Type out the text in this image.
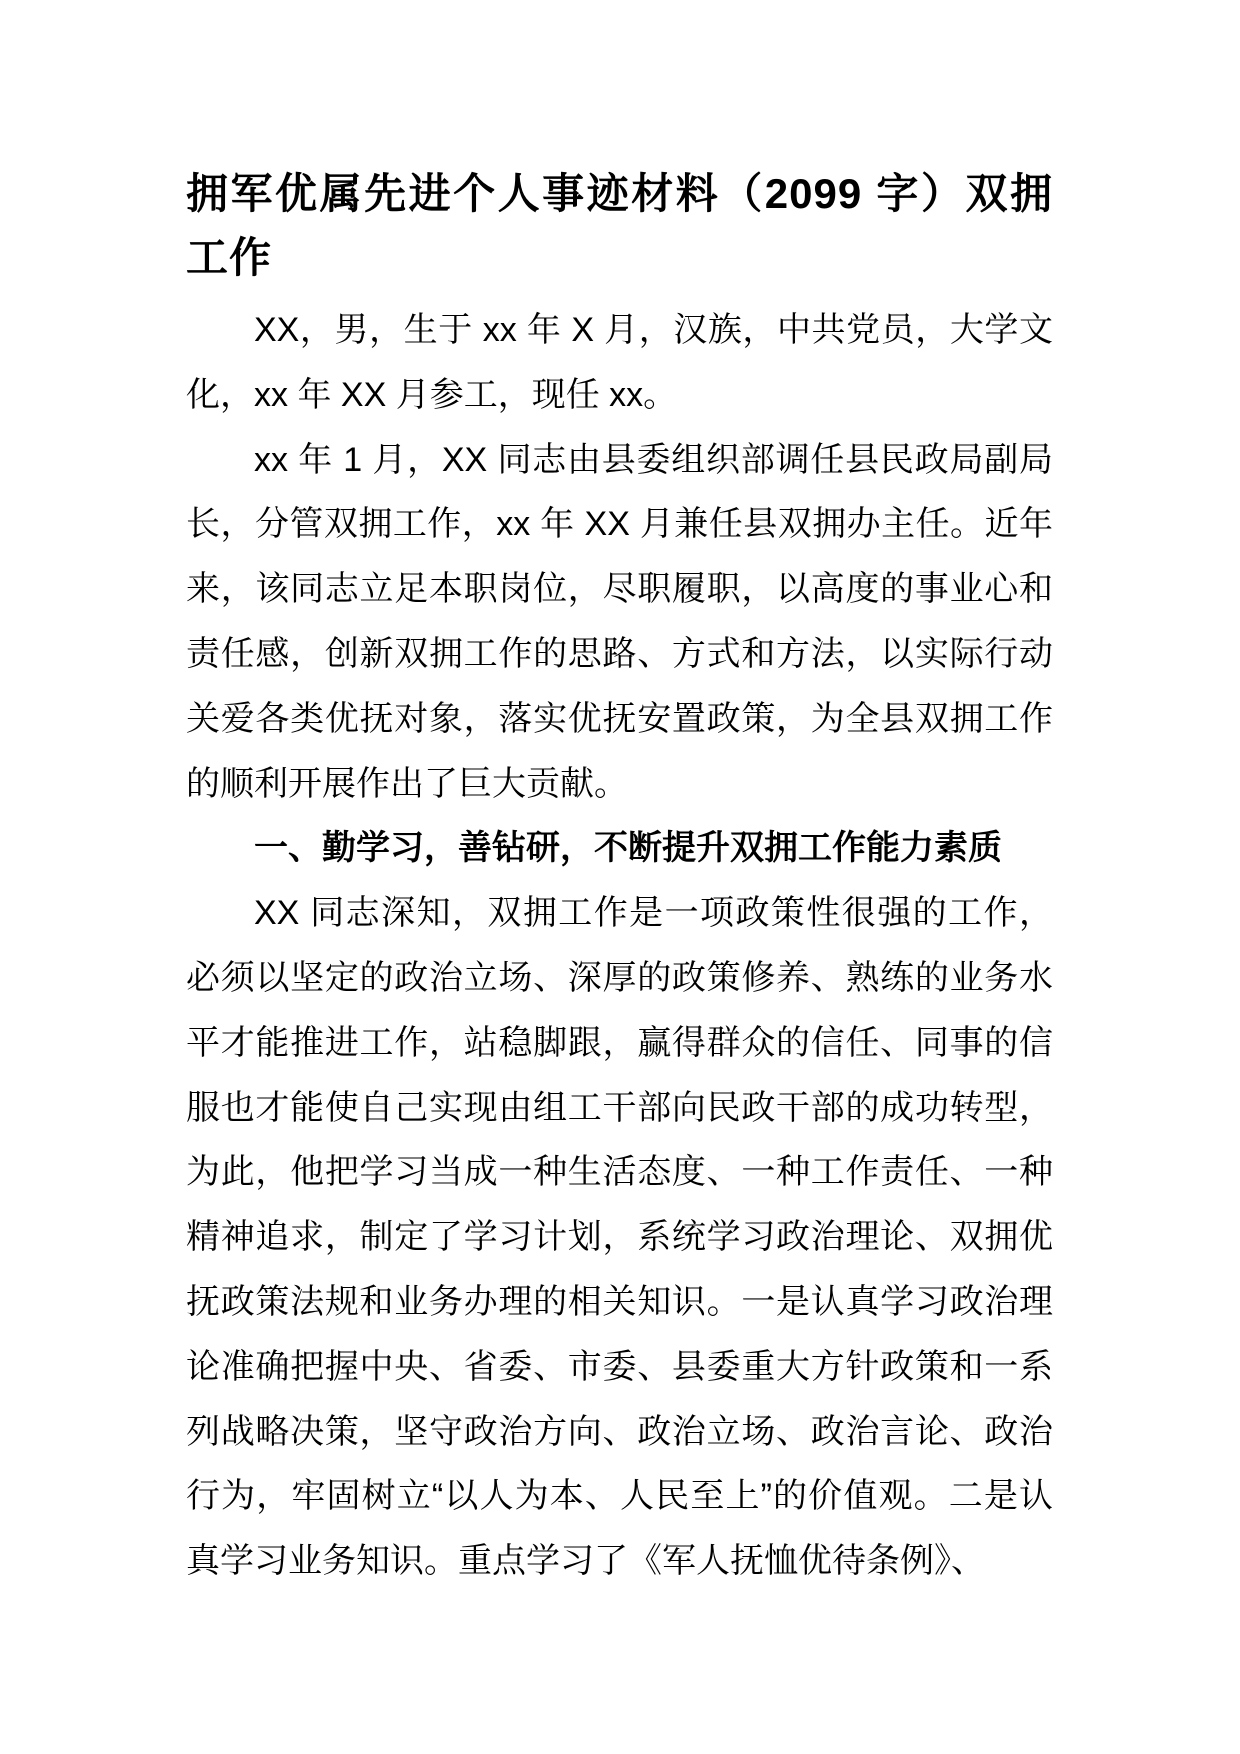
拥军优属先进个人事迹材料（2099 字）双拥工作

XX，男，生于 xx 年 X 月，汉族，中共党员，大学文化，xx 年 XX 月参工，现任 xx。

xx 年 1 月，XX 同志由县委组织部调任县民政局副局长，分管双拥工作，xx 年 XX 月兼任县双拥办主任。近年来，该同志立足本职岗位，尽职履职，以高度的事业心和责任感，创新双拥工作的思路、方式和方法，以实际行动关爱各类优抚对象，落实优抚安置政策，为全县双拥工作的顺利开展作出了巨大贡献。

一、勤学习，善钻研，不断提升双拥工作能力素质

XX 同志深知，双拥工作是一项政策性很强的工作，必须以坚定的政治立场、深厚的政策修养、熟练的业务水平才能推进工作，站稳脚跟，赢得群众的信任、同事的信服也才能使自己实现由组工干部向民政干部的成功转型，为此，他把学习当成一种生活态度、一种工作责任、一种精神追求，制定了学习计划，系统学习政治理论、双拥优抚政策法规和业务办理的相关知识。一是认真学习政治理论准确把握中央、省委、市委、县委重大方针政策和一系列战略决策，坚守政治方向、政治立场、政治言论、政治行为，牢固树立“以人为本、人民至上”的价值观。二是认真学习业务知识。重点学习了《军人抚恤优待条例》、
